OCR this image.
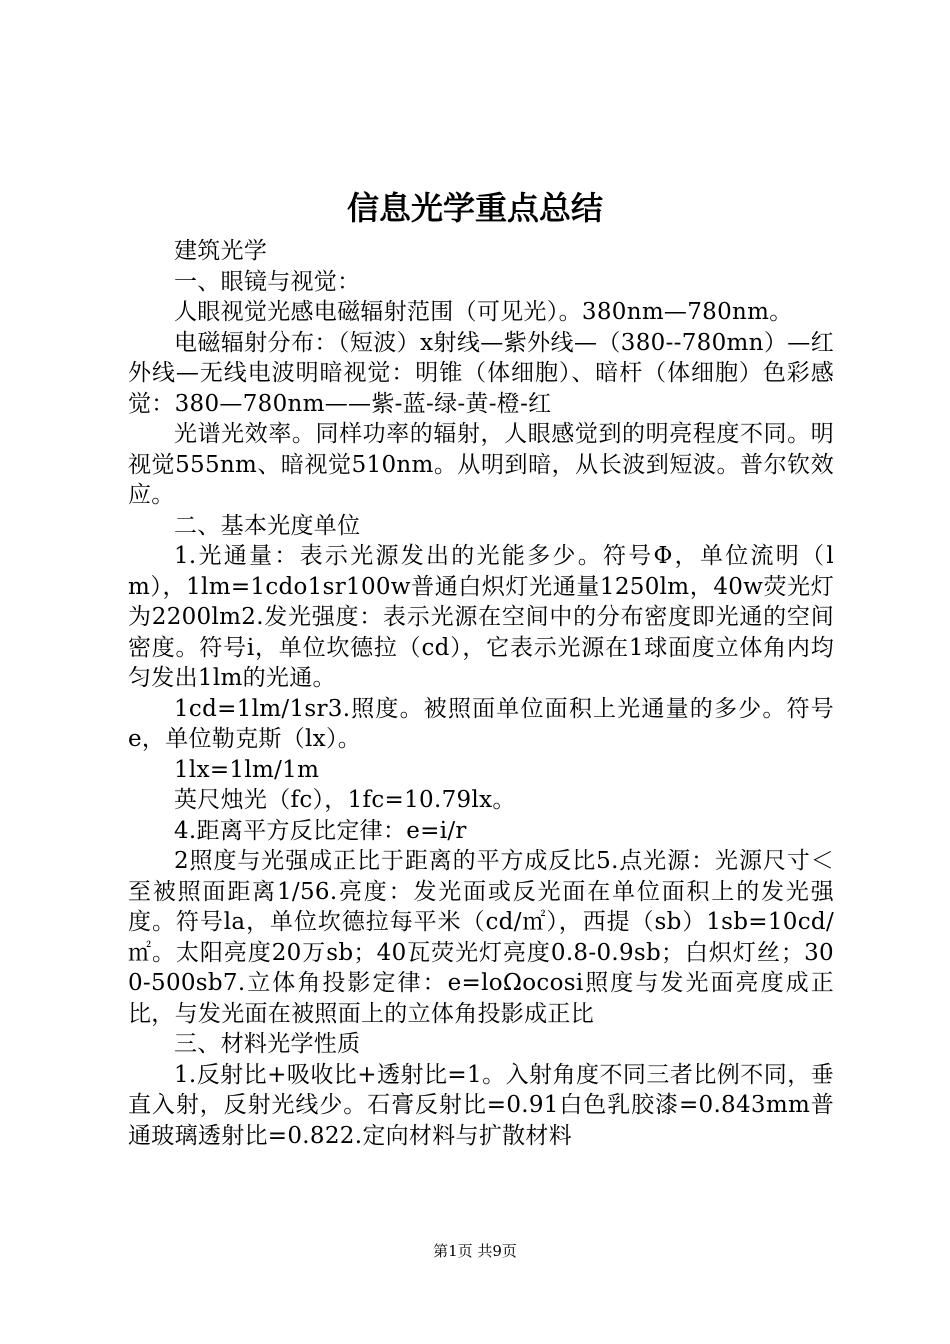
信息光学重点总结

建筑光学

一、眼镜与视觉：

人眼视觉光感电磁辐射范围（可见光）。380nm—780nm。

电磁辐射分布：（短波）x射线—紫外线—（380--780mn）—红外线—无线电波明暗视觉：明锥（体细胞）、暗杆（体细胞）色彩感觉：380—780nm——紫-蓝-绿-黄-橙-红

光谱光效率。同样功率的辐射，人眼感觉到的明亮程度不同。明视觉555nm、暗视觉510nm。从明到暗，从长波到短波。普尔钦效应。

二、基本光度单位

1.光通量：表示光源发出的光能多少。符号Φ，单位流明（lm），1lm=1cdo1sr100w普通白炽灯光通量1250lm，40w荧光灯为2200lm2.发光强度：表示光源在空间中的分布密度即光通的空间密度。符号i，单位坎德拉（cd），它表示光源在1球面度立体角内均匀发出1lm的光通。

1cd=1lm/1sr3.照度。被照面单位面积上光通量的多少。符号e，单位勒克斯（lx）。

1lx=1lm/1m

英尺烛光（fc），1fc=10.79lx。

4.距离平方反比定律：e=i/r

2照度与光强成正比于距离的平方成反比5.点光源：光源尺寸＜至被照面距离1/56.亮度：发光面或反光面在单位面积上的发光强度。符号la，单位坎德拉每平米（cd/㎡），西提（sb）1sb=10cd/㎡。太阳亮度20万sb；40瓦荧光灯亮度0.8-0.9sb；白炽灯丝；300-500sb7.立体角投影定律：e=loΩocosi照度与发光面亮度成正比，与发光面在被照面上的立体角投影成正比

三、材料光学性质

1.反射比+吸收比+透射比=1。入射角度不同三者比例不同，垂直入射，反射光线少。石膏反射比=0.91白色乳胶漆=0.843mm普通玻璃透射比=0.822.定向材料与扩散材料

第1页 共9页
